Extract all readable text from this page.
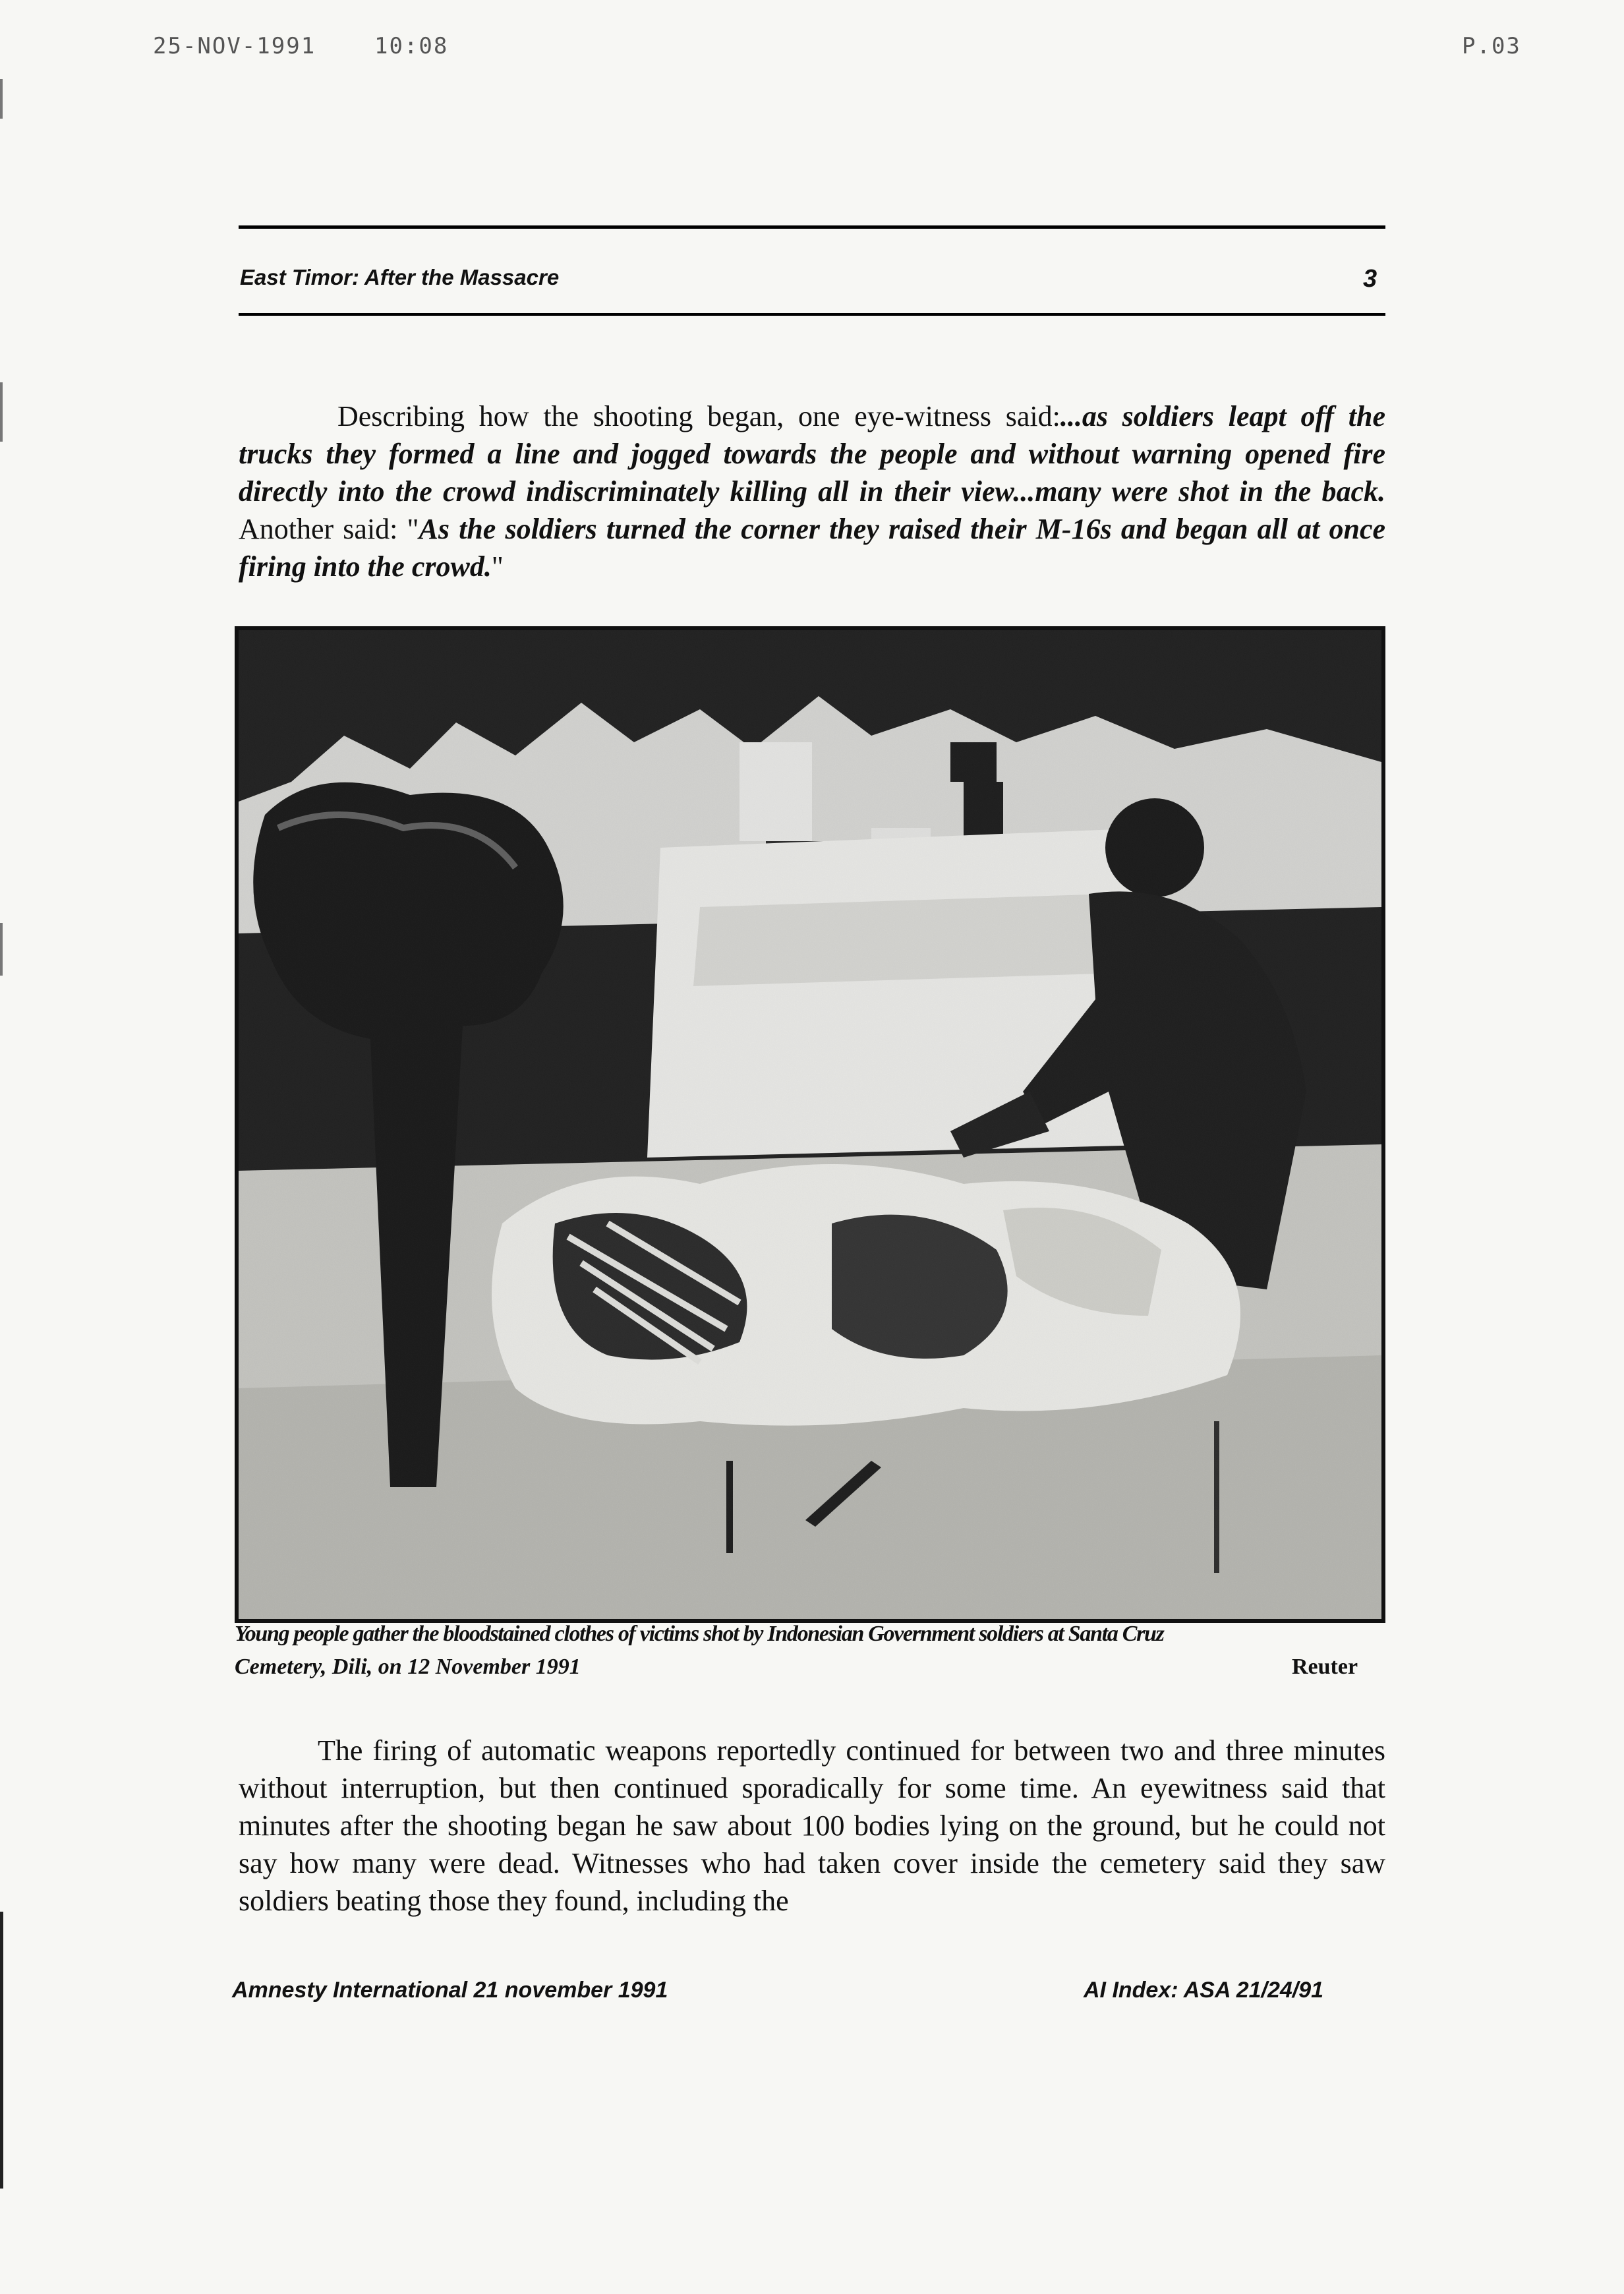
25-NOV-1991	10:08	P.03
East Timor: After the Massacre	3

Describing how the shooting began, one eye-witness said:...as soldiers leapt off the trucks they formed a line and jogged towards the people and without warning opened fire directly into the crowd indiscriminately killing all in their view...many were shot in the back. Another said: "As the soldiers turned the corner they raised their M-16s and began all at once firing into the crowd."

Young people gather the bloodstained clothes of victims shot by Indonesian Government soldiers at Santa Cruz
Cemetery, Dili, on 12 November 1991	Reuter

The firing of automatic weapons reportedly continued for between two and three minutes without interruption, but then continued sporadically for some time. An eyewitness said that minutes after the shooting began he saw about 100 bodies lying on the ground, but he could not say how many were dead. Witnesses who had taken cover inside the cemetery said they saw soldiers beating those they found, including the

Amnesty International 21 november 1991	AI Index: ASA 21/24/91
